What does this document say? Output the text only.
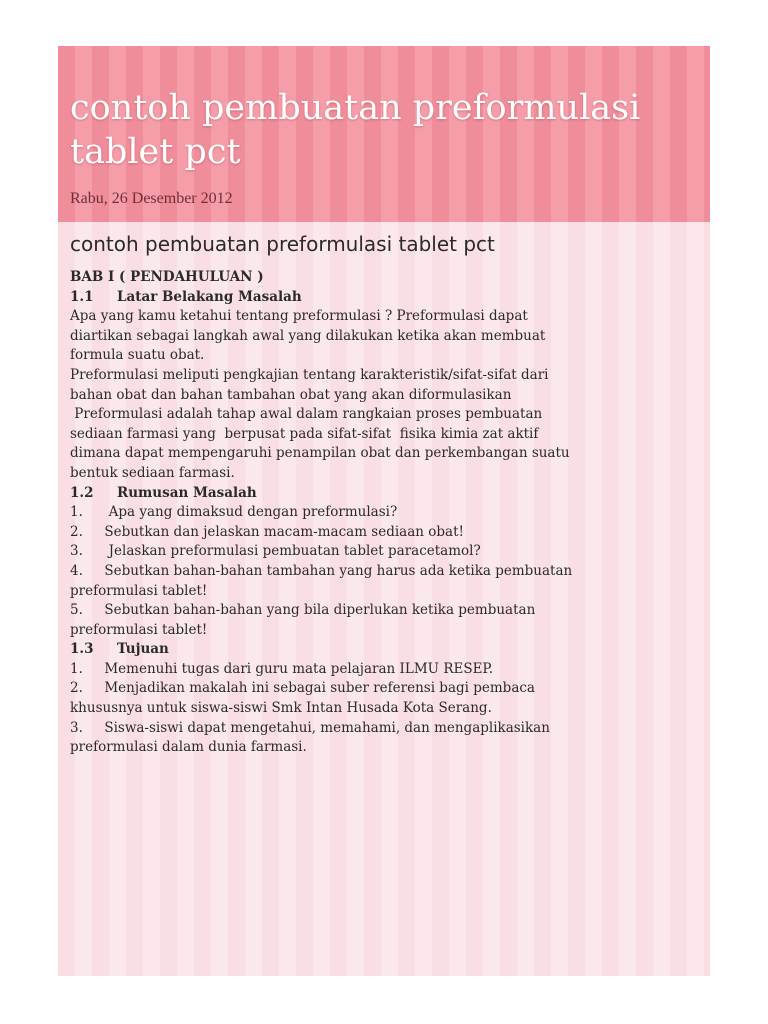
contoh pembuatan preformulasi tablet pct
Rabu, 26 Desember 2012
contoh pembuatan preformulasi tablet pct
BAB I ( PENDAHULUAN )
1.1     Latar Belakang Masalah
Apa yang kamu ketahui tentang preformulasi ? Preformulasi dapat
diartikan sebagai langkah awal yang dilakukan ketika akan membuat
formula suatu obat.
Preformulasi meliputi pengkajian tentang karakteristik/sifat-sifat dari
bahan obat dan bahan tambahan obat yang akan diformulasikan
Preformulasi adalah tahap awal dalam rangkaian proses pembuatan
sediaan farmasi yang  berpusat pada sifat-sifat  fisika kimia zat aktif
dimana dapat mempengaruhi penampilan obat dan perkembangan suatu
bentuk sediaan farmasi.
1.2     Rumusan Masalah
1.      Apa yang dimaksud dengan preformulasi?
2.     Sebutkan dan jelaskan macam-macam sediaan obat!
3.      Jelaskan preformulasi pembuatan tablet paracetamol?
4.     Sebutkan bahan-bahan tambahan yang harus ada ketika pembuatan
preformulasi tablet!
5.     Sebutkan bahan-bahan yang bila diperlukan ketika pembuatan
preformulasi tablet!
1.3     Tujuan
1.     Memenuhi tugas dari guru mata pelajaran ILMU RESEP.
2.     Menjadikan makalah ini sebagai suber referensi bagi pembaca
khususnya untuk siswa-siswi Smk Intan Husada Kota Serang.
3.     Siswa-siswi dapat mengetahui, memahami, dan mengaplikasikan
preformulasi dalam dunia farmasi.
